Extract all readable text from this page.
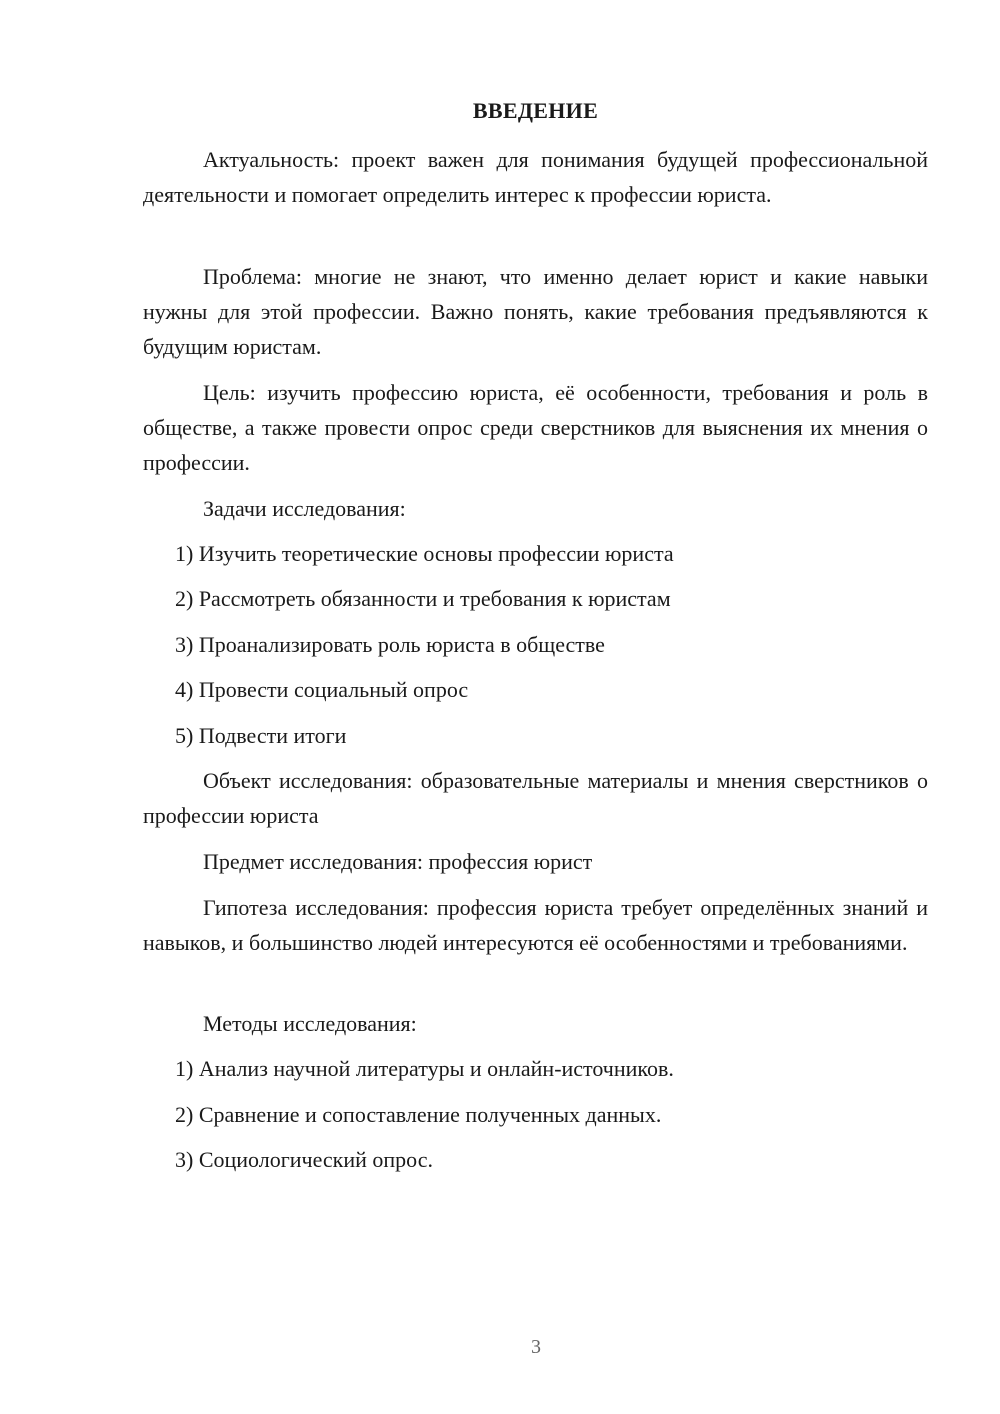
ВВЕДЕНИЕ

Актуальность: проект важен для понимания будущей профессиональной деятельности и помогает определить интерес к профессии юриста.

Проблема: многие не знают, что именно делает юрист и какие навыки нужны для этой профессии. Важно понять, какие требования предъявляются к будущим юристам.

Цель: изучить профессию юриста, её особенности, требования и роль в обществе, а также провести опрос среди сверстников для выяснения их мнения о профессии.

Задачи исследования:
1) Изучить теоретические основы профессии юриста
2) Рассмотреть обязанности и требования к юристам
3) Проанализировать роль юриста в обществе
4) Провести социальный опрос
5) Подвести итоги

Объект исследования: образовательные материалы и мнения сверстников о профессии юриста

Предмет исследования: профессия юрист

Гипотеза исследования: профессия юриста требует определённых знаний и навыков, и большинство людей интересуются её особенностями и требованиями.

Методы исследования:
1) Анализ научной литературы и онлайн-источников.
2) Сравнение и сопоставление полученных данных.
3) Социологический опрос.
3
